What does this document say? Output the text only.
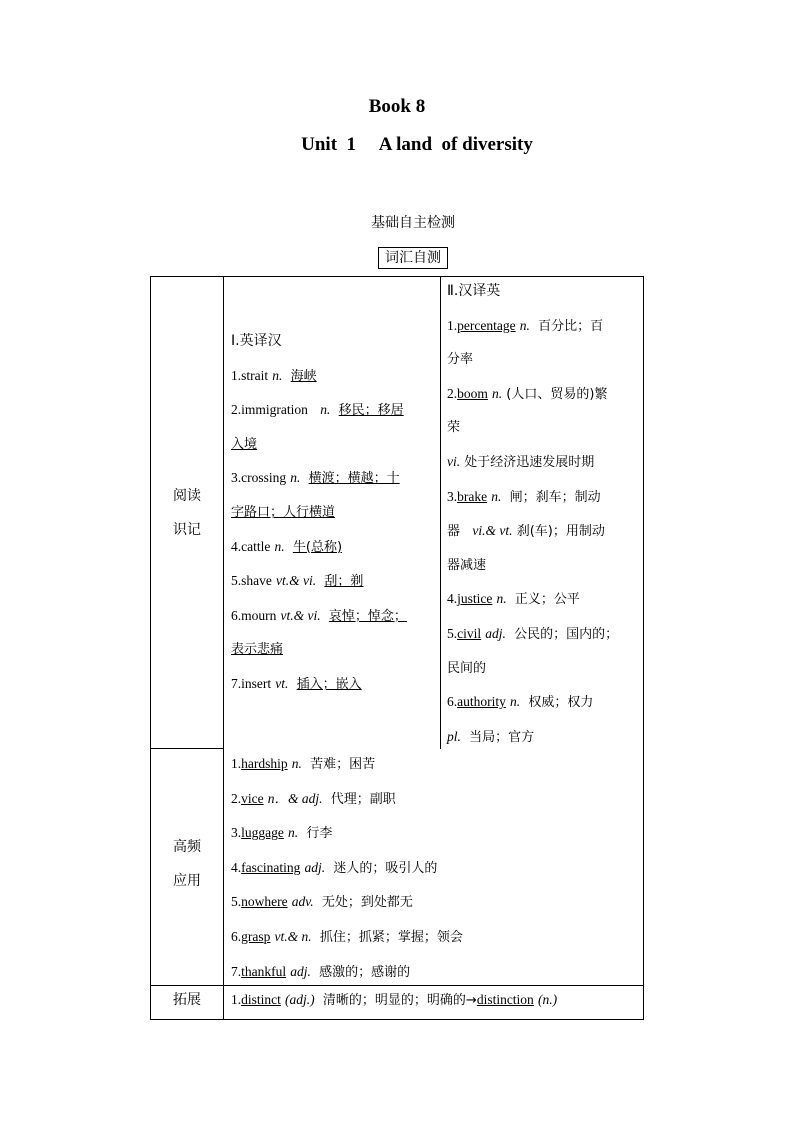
Book 8
Unit  1     A land  of diversity
基础自主检测
词汇自测
阅读
识记
高频
应用
拓展
Ⅰ.英译汉
1.strait n. 海峡
2.immigration n. 移民；移居
入境
3.crossing n. 横渡；横越；十
字路口；人行横道
4.cattle n. 牛(总称)
5.shave vt.& vi. 刮；剃
6.mourn vt.& vi. 哀悼；悼念；
表示悲痛
7.insert vt. 插入；嵌入
Ⅱ.汉译英
1.percentage n. 百分比；百
分率
2.boom n. (人口、贸易的)繁
荣
vi. 处于经济迅速发展时期
3.brake n. 闸；刹车；制动
器 vi.& vt. 刹(车)；用制动
器减速
4.justice n. 正义；公平
5.civil adj. 公民的；国内的；
民间的
6.authority n. 权威；权力
pl. 当局；官方
1.hardship n. 苦难；困苦
2.vice n．& adj. 代理；副职
3.luggage n. 行李
4.fascinating adj. 迷人的；吸引人的
5.nowhere adv. 无处；到处都无
6.grasp vt.& n. 抓住；抓紧；掌握；领会
7.thankful adj. 感激的；感谢的
1.distinct (adj.) 清晰的；明显的；明确的→distinction (n.)
